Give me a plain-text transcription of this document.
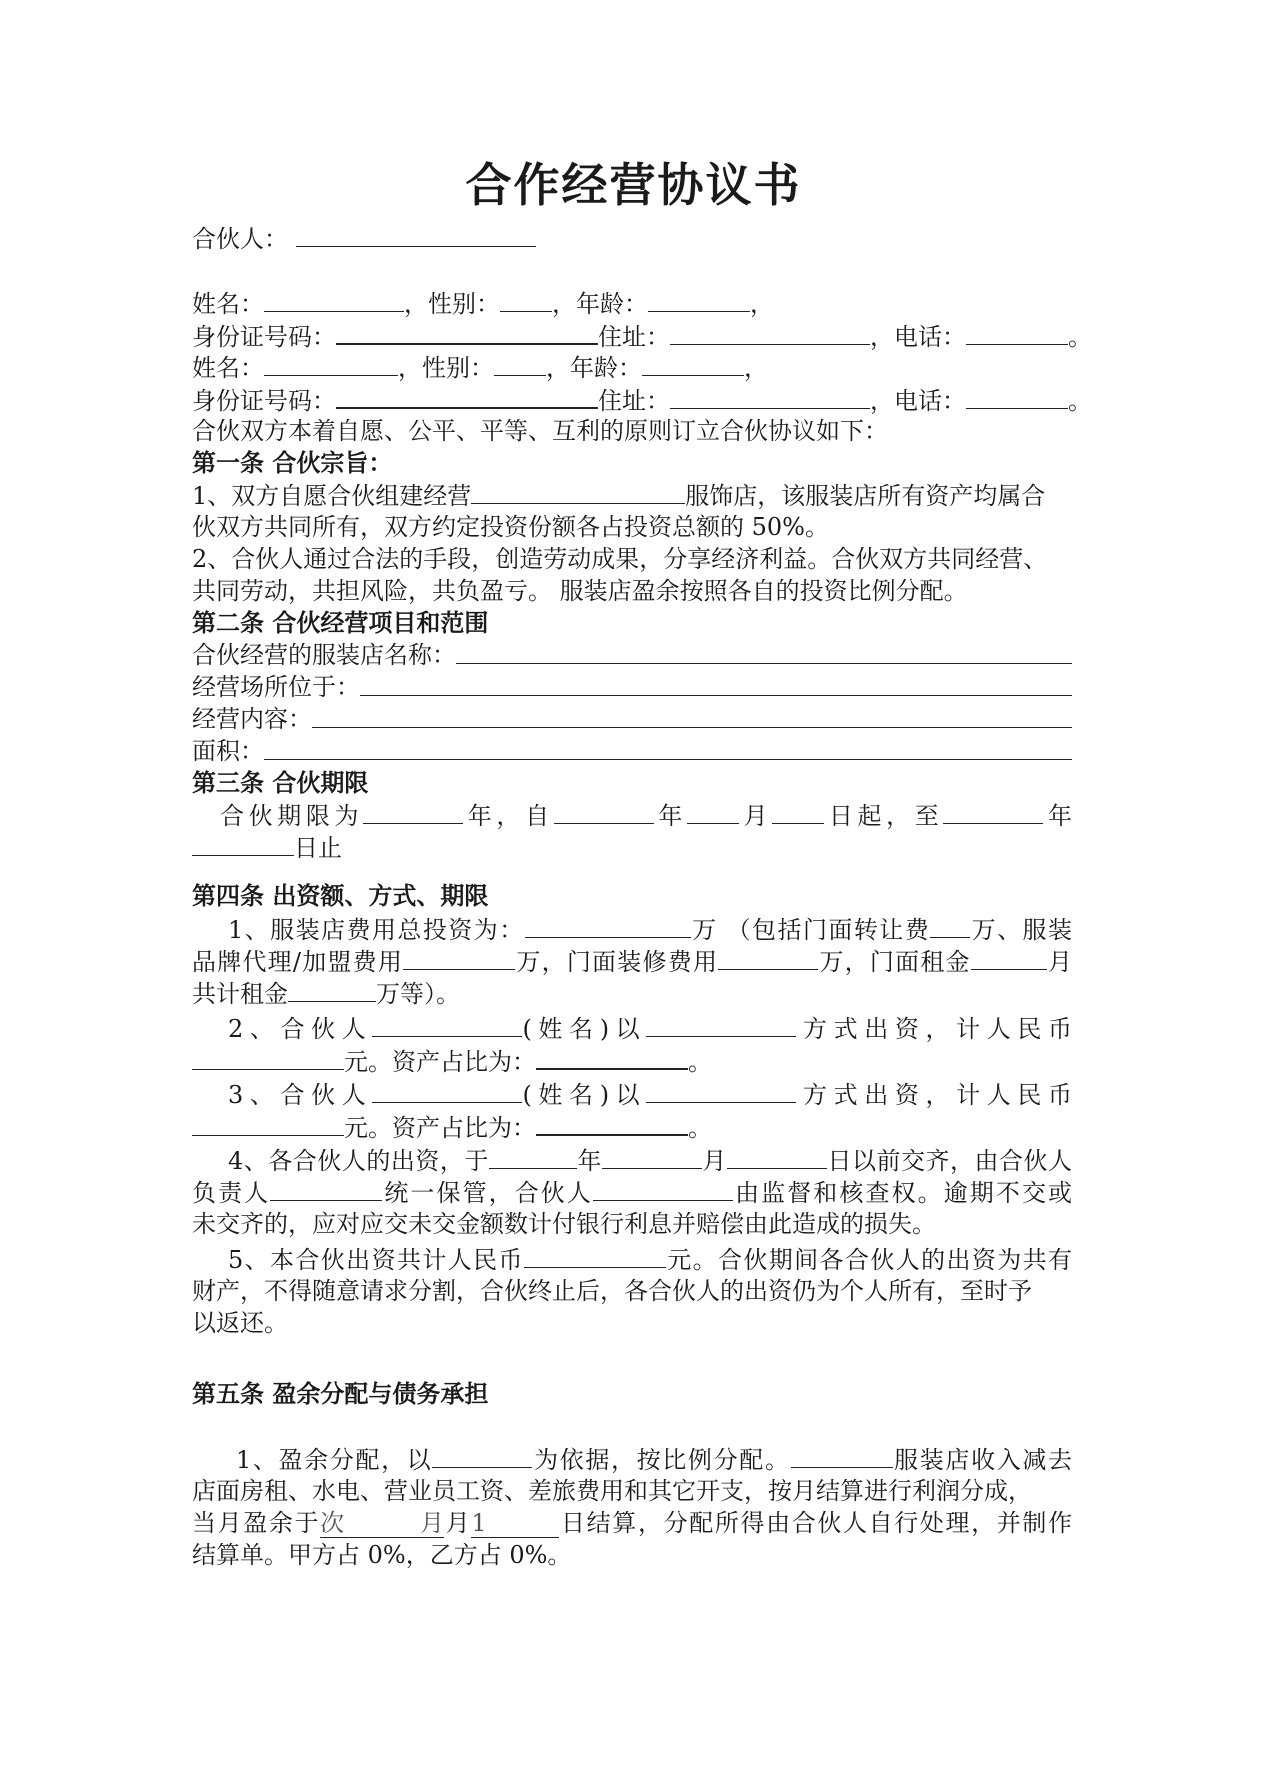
合作经营协议书
合伙人：
姓名：	，性别： ，年龄：	，
身份证号码：	住址：	，电话：	。
姓名：	，性别： ，年龄：	，
身份证号码：	住址：	，电话：	。
合伙双方本着自愿、公平、平等、互利的原则订立合伙协议如下：
第一条 合伙宗旨：
1、双方自愿合伙组建经营	服饰店，该服装店所有资产均属合
伙双方共同所有，双方约定投资份额各占投资总额的 50%。
2、合伙人通过合法的手段，创造劳动成果，分享经济利益。合伙双方共同经营、
共同劳动，共担风险，共负盈亏。 服装店盈余按照各自的投资比例分配。
第二条 合伙经营项目和范围
合伙经营的服装店名称：
经营场所位于：
经营内容：
面积：
第三条 合伙期限
合伙期限为	年，自	年 月 日起，至	年
日止
第四条 出资额、方式、期限
1、服装店费用总投资为：	万 （包括门面转让费 万、服装
品牌代理/加盟费用	万，门面装修费用	万，门面租金	月
共计租金	万等）。
2、合伙人	(姓名)以	方式出资，计人民币
元。资产占比为：	。
3、合伙人	(姓名)以	方式出资，计人民币
元。资产占比为：	。
4、各合伙人的出资，于	年	月	日以前交齐，由合伙人
负责人	统一保管，合伙人	由监督和核查权。逾期不交或
未交齐的，应对应交未交金额数计付银行利息并赔偿由此造成的损失。
5、本合伙出资共计人民币	元。合伙期间各合伙人的出资为共有
财产，不得随意请求分割，合伙终止后，各合伙人的出资仍为个人所有，至时予
以返还。
第五条 盈余分配与债务承担
1、盈余分配，以	为依据，按比例分配。	服装店收入减去
店面房租、水电、营业员工资、差旅费用和其它开支，按月结算进行利润分成，
当月盈余于次月月1	日结算，分配所得由合伙人自行处理，并制作
结算单。甲方占 0%，乙方占 0%。
